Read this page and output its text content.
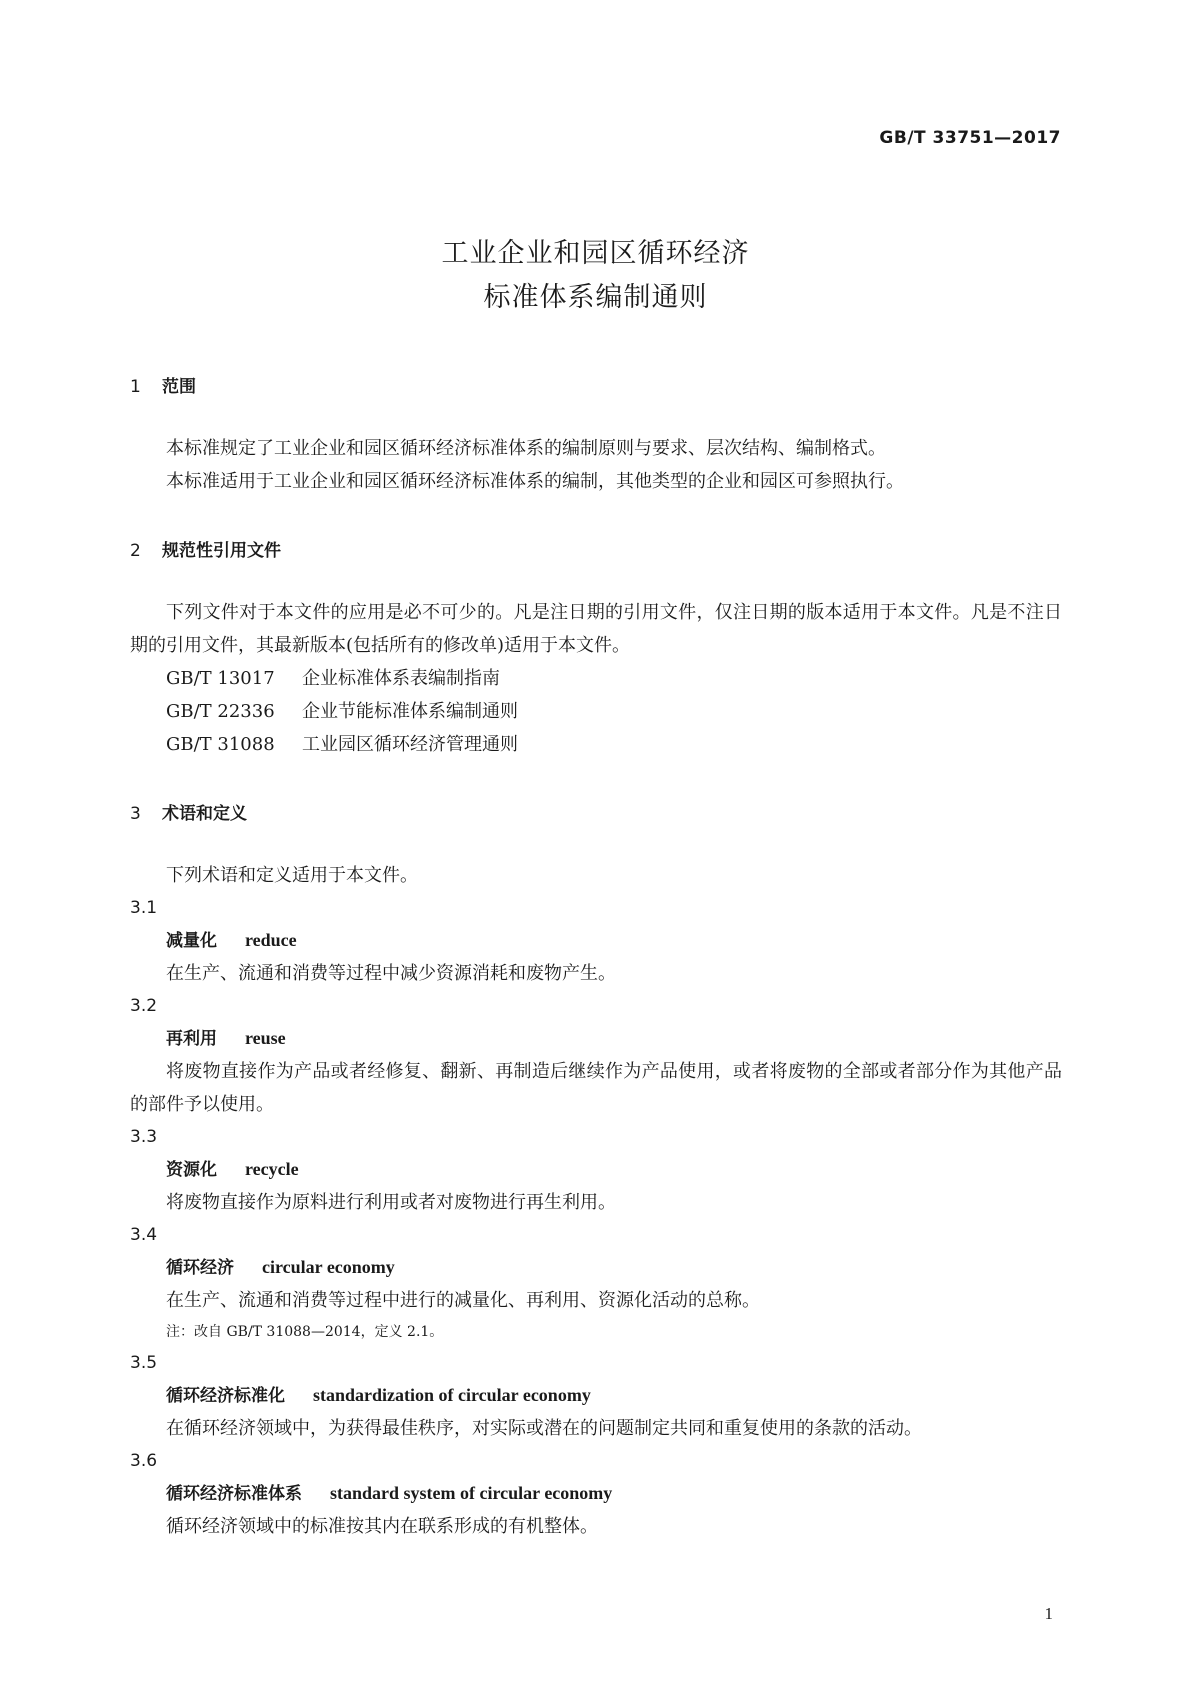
GB/T 33751—2017
工业企业和园区循环经济
标准体系编制通则
1 范围
本标准规定了工业企业和园区循环经济标准体系的编制原则与要求、层次结构、编制格式。
本标准适用于工业企业和园区循环经济标准体系的编制，其他类型的企业和园区可参照执行。
2 规范性引用文件
下列文件对于本文件的应用是必不可少的。凡是注日期的引用文件，仅注日期的版本适用于本文件。凡是不注日期的引用文件，其最新版本(包括所有的修改单)适用于本文件。
GB/T 13017 企业标准体系表编制指南
GB/T 22336 企业节能标准体系编制通则
GB/T 31088 工业园区循环经济管理通则
3 术语和定义
下列术语和定义适用于本文件。
3.1
减量化 reduce
在生产、流通和消费等过程中减少资源消耗和废物产生。
3.2
再利用 reuse
将废物直接作为产品或者经修复、翻新、再制造后继续作为产品使用，或者将废物的全部或者部分作为其他产品的部件予以使用。
3.3
资源化 recycle
将废物直接作为原料进行利用或者对废物进行再生利用。
3.4
循环经济 circular economy
在生产、流通和消费等过程中进行的减量化、再利用、资源化活动的总称。
注：改自 GB/T 31088—2014，定义 2.1。
3.5
循环经济标准化 standardization of circular economy
在循环经济领域中，为获得最佳秩序，对实际或潜在的问题制定共同和重复使用的条款的活动。
3.6
循环经济标准体系 standard system of circular economy
循环经济领域中的标准按其内在联系形成的有机整体。
1
